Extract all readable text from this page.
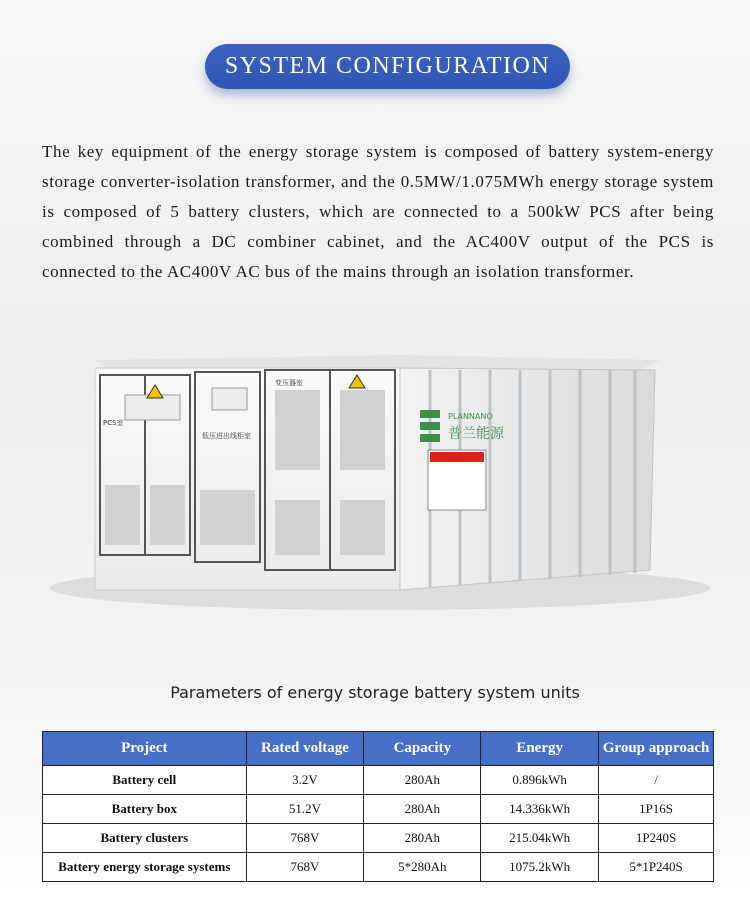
SYSTEM CONFIGURATION

The key equipment of the energy storage system is composed of battery system-energy storage converter-isolation transformer, and the 0.5MW/1.075MWh energy storage system is composed of 5 battery clusters, which are connected to a 500kW PCS after being combined through a DC combiner cabinet, and the AC400V output of the PCS is connected to the AC400V AC bus of the mains through an isolation transformer.

PCS室
低压进出线柜室
变压器室
PLANNANO
普兰能源
Parameters of energy storage battery system units
Project	Rated voltage	Capacity	Energy	Group approach
Battery cell	3.2V	280Ah	0.896kWh	/
Battery box	51.2V	280Ah	14.336kWh	1P16S
Battery clusters	768V	280Ah	215.04kWh	1P240S
Battery energy storage systems	768V	5*280Ah	1075.2kWh	5*1P240S
